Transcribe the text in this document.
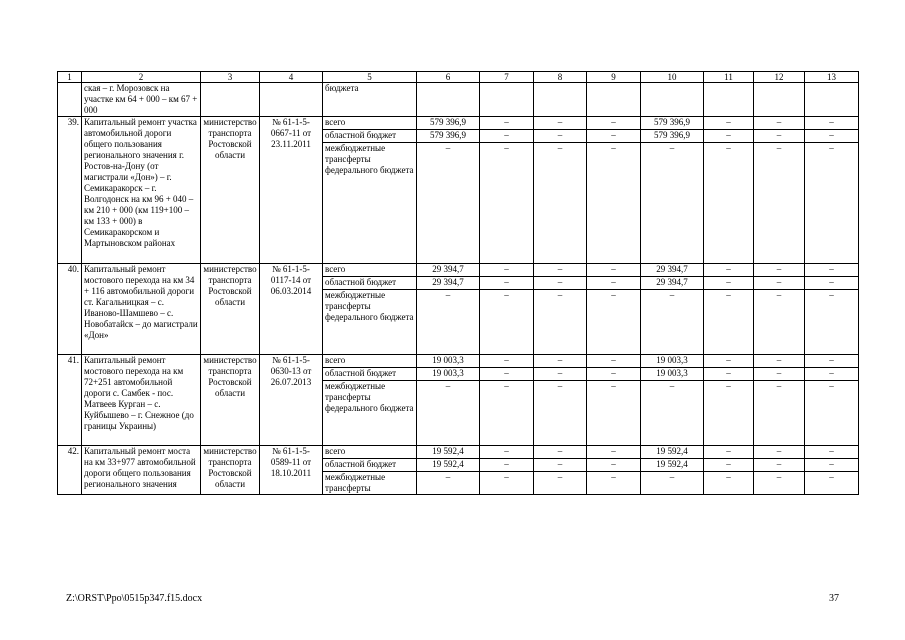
1	2	3	4	5	6	7	8	9	10	11	12	13
	ская – г. Морозовск на участке км 64 + 000 – км 67 + 000			бюджета								
39.	Капитальный ремонт участка автомобильной дороги общего пользования регионального значения г. Ростов-на-Дону (от магистрали «Дон») – г. Семикаракорск – г. Волгодонск на км 96 + 040 – км 210 + 000 (км 119+100 – км 133 + 000) в Семикаракорском и Мартыновском районах	министерство транспорта Ростовской области	№ 61-1-5-0667-11 от 23.11.2011	всего	579 396,9	–	–	–	579 396,9	–	–	–
				областной бюджет	579 396,9	–	–	–	579 396,9	–	–	–
				межбюджетные трансферты федерального бюджета	–	–	–	–	–	–	–	–
40.	Капитальный ремонт мостового перехода на км 34 + 116 автомобильной дороги ст. Кагальницкая – с. Иваново-Шамшево – с. Новобатайск – до магистрали «Дон»	министерство транспорта Ростовской области	№ 61-1-5-0117-14 от 06.03.2014	всего	29 394,7	–	–	–	29 394,7	–	–	–
				областной бюджет	29 394,7	–	–	–	29 394,7	–	–	–
				межбюджетные трансферты федерального бюджета	–	–	–	–	–	–	–	–
41.	Капитальный ремонт мостового перехода на км 72+251 автомобильной дороги с. Самбек - пос. Матвеев Курган – с. Куйбышево – г. Снежное (до границы Украины)	министерство транспорта Ростовской области	№ 61-1-5-0630-13 от 26.07.2013	всего	19 003,3	–	–	–	19 003,3	–	–	–
				областной бюджет	19 003,3	–	–	–	19 003,3	–	–	–
				межбюджетные трансферты федерального бюджета	–	–	–	–	–	–	–	–
42.	Капитальный ремонт моста на км 33+977 автомобильной дороги общего пользования регионального значения	министерство транспорта Ростовской области	№ 61-1-5-0589-11 от 18.10.2011	всего	19 592,4	–	–	–	19 592,4	–	–	–
				областной бюджет	19 592,4	–	–	–	19 592,4	–	–	–
				межбюджетные трансферты	–	–	–	–	–	–	–	–
Z:\ORST\Ppo\0515p347.f15.docx	37
